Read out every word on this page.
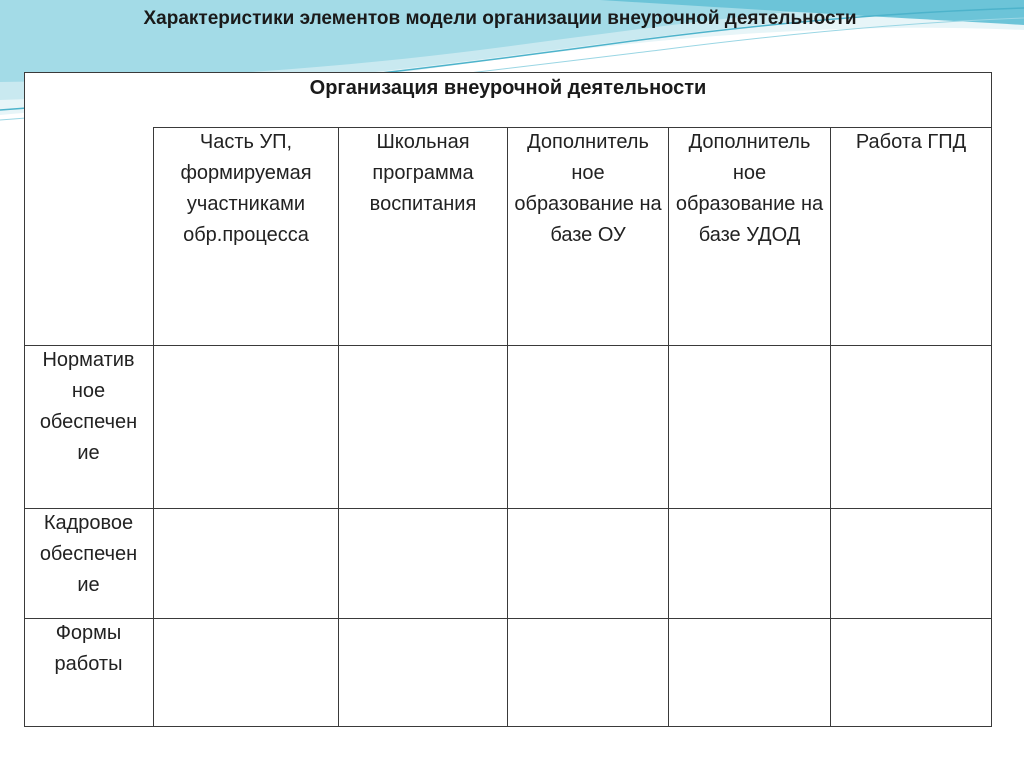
Характеристики элементов модели организации внеурочной деятельности
Организация внеурочной деятельности
Часть УП, формируемая участниками обр.процесса
Школьная программа воспитания
Дополнитель ное образование на базе ОУ
Дополнитель ное образование на базе УДОД
Работа ГПД
Норматив ное обеспечен ие
Кадровое обеспечен ие
Формы работы
